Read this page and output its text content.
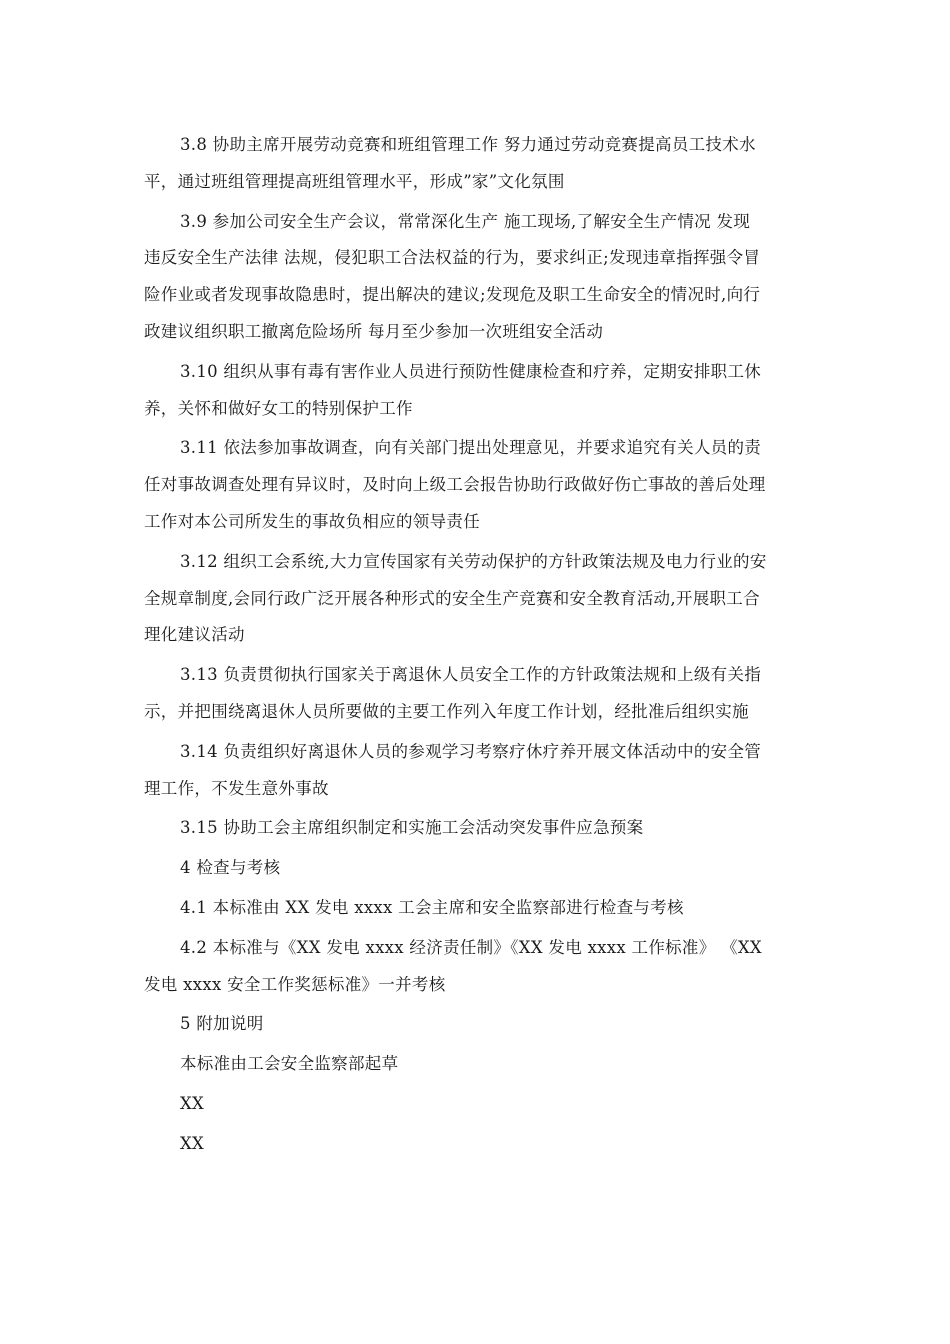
3.8 协助主席开展劳动竞赛和班组管理工作 努力通过劳动竞赛提高员工技术水
平，通过班组管理提高班组管理水平，形成”家”文化氛围

3.9 参加公司安全生产会议，常常深化生产 施工现场,了解安全生产情况 发现
违反安全生产法律 法规，侵犯职工合法权益的行为，要求纠正;发现违章指挥强令冒
险作业或者发现事故隐患时，提出解决的建议;发现危及职工生命安全的情况时,向行
政建议组织职工撤离危险场所 每月至少参加一次班组安全活动

3.10 组织从事有毒有害作业人员进行预防性健康检查和疗养，定期安排职工休
养，关怀和做好女工的特别保护工作

3.11 依法参加事故调查，向有关部门提出处理意见，并要求追究有关人员的责
任对事故调查处理有异议时，及时向上级工会报告协助行政做好伤亡事故的善后处理
工作对本公司所发生的事故负相应的领导责任

3.12 组织工会系统,大力宣传国家有关劳动保护的方针政策法规及电力行业的安
全规章制度,会同行政广泛开展各种形式的安全生产竞赛和安全教育活动,开展职工合
理化建议活动

3.13 负责贯彻执行国家关于离退休人员安全工作的方针政策法规和上级有关指
示，并把围绕离退休人员所要做的主要工作列入年度工作计划，经批准后组织实施

3.14 负责组织好离退休人员的参观学习考察疗休疗养开展文体活动中的安全管
理工作，不发生意外事故

3.15 协助工会主席组织制定和实施工会活动突发事件应急预案

4 检查与考核

4.1 本标准由 XX 发电 xxxx 工会主席和安全监察部进行检查与考核

4.2 本标准与《XX 发电 xxxx 经济责任制》《XX 发电 xxxx 工作标准》 《XX
发电 xxxx 安全工作奖惩标准》一并考核

5 附加说明

本标准由工会安全监察部起草

XX

XX
